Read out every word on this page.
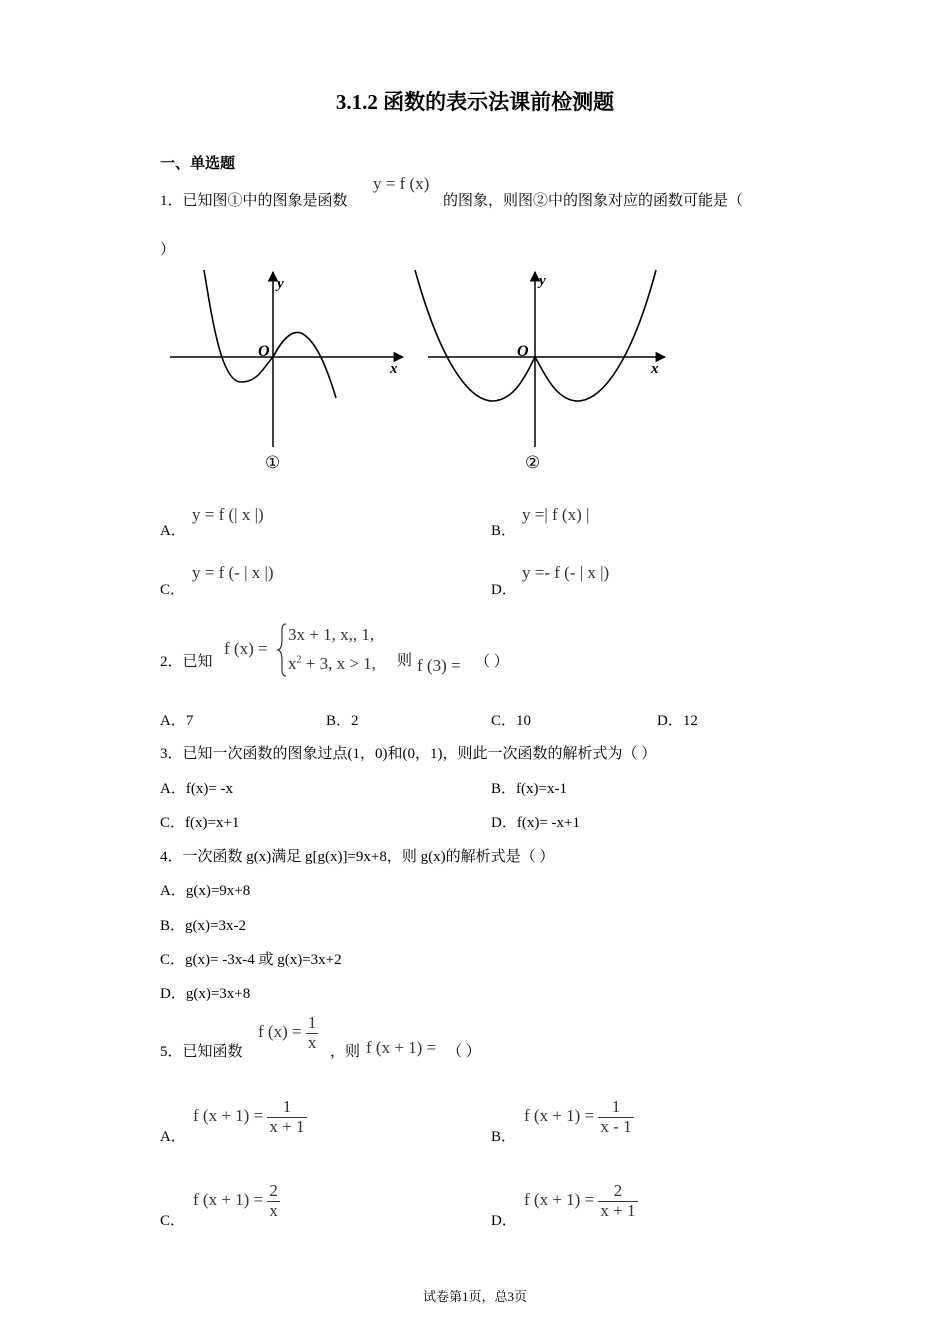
3.1.2 函数的表示法课前检测题
一、单选题
1．已知图①中的图象是函数
y = f (x)
的图象，则图②中的图象对应的函数可能是（
）
y
O
x
①
y
O
x
②
A．
y = f (| x |)
B．
y =| f (x) |
C．
y = f (- | x |)
D．
y =- f (- | x |)
2．已知
f (x) =
3x + 1, x,, 1,
$x^2 + 3$, x > 1, 则 f (3) = （ ）
A．7	B．2	C．10	D．12
3．已知一次函数的图象过点(1，0)和(0，1)，则此一次函数的解析式为（ ）
A．f(x)= -x	B．f(x)=x-1
C．f(x)=x+1	D．f(x)= -x+1
4．一次函数 g(x)满足 g[g(x)]=9x+8，则 g(x)的解析式是（ ）
A．g(x)=9x+8
B．g(x)=3x-2
C．g(x)= -3x-4 或 g(x)=3x+2
D．g(x)=3x+8
5．已知函数
f $(x) = \frac{1}{x}$ ，则 f (x + 1) = （ ）
A．
f $(x + 1) = \frac{1}{x + 1}$
B．
f $(x + 1) = \frac{1}{x - 1}$
C．
f $(x + 1) = \frac{2}{x}$
D．
f $(x + 1) = \frac{2}{x + 1}$
试卷第1页，总3页
